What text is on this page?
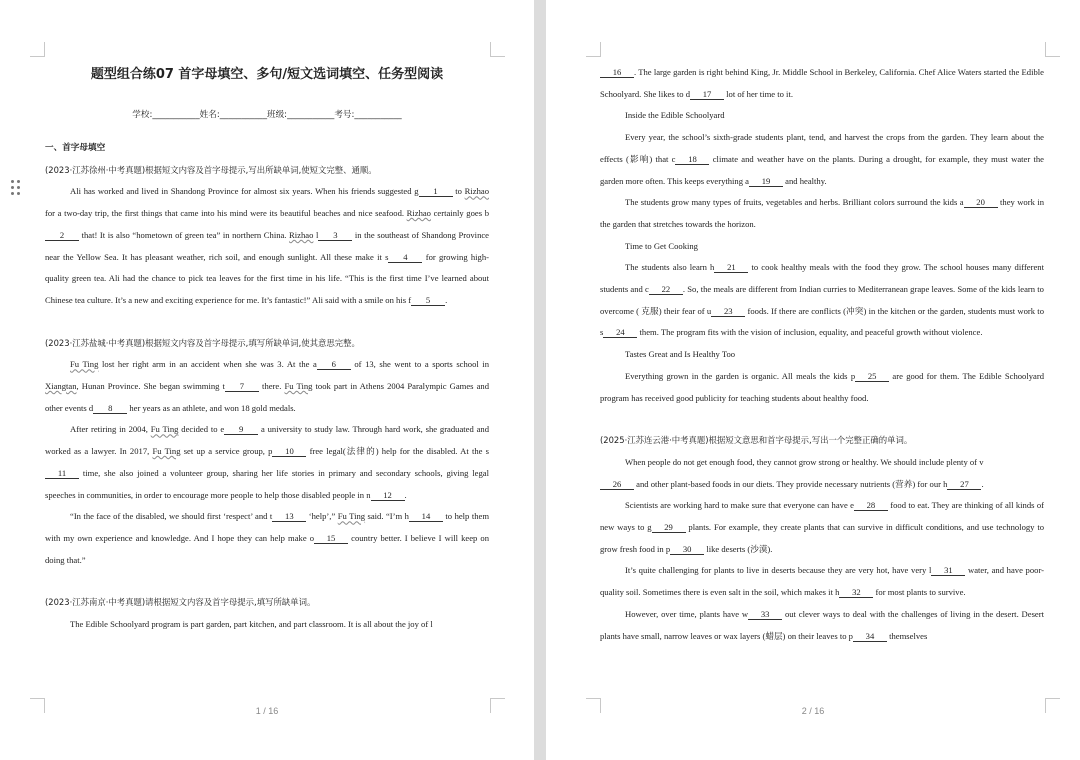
题型组合练07 首字母填空、多句/短文选词填空、任务型阅读
学校:___________姓名:___________班级:___________考号:___________

一、首字母填空

(2023·江苏徐州·中考真题)根据短文内容及首字母提示,写出所缺单词,使短文完整、通顺。

Ali has worked and lived in Shandong Province for almost six years. When his friends suggested g 1 to Rizhao for a two-day trip, the first things that came into his mind were its beautiful beaches and nice seafood. Rizhao certainly goes b2 that! It is also “hometown of green tea” in northern China. Rizhao l 3 in the southeast of Shandong Province near the Yellow Sea. It has pleasant weather, rich soil, and enough sunlight. All these make it s 4 for growing high-quality green tea. Ali had the chance to pick tea leaves for the first time in his life. “This is the first time I’ve learned about Chinese tea culture. It’s a new and exciting experience for me. It’s fantastic!” Ali said with a smile on his f 5 .

(2023·江苏盐城·中考真题)根据短文内容及首字母提示,填写所缺单词,使其意思完整。

Fu Ting lost her right arm in an accident when she was 3. At the a 6 of 13, she went to a sports school in Xiangtan, Hunan Province. She began swimming t 7 there. Fu Ting took part in Athens 2004 Paralympic Games and other events d 8 her years as an athlete, and won 18 gold medals.

After retiring in 2004, Fu Ting decided to e 9 a university to study law. Through hard work, she graduated and worked as a lawyer. In 2017, Fu Ting set up a service group, p 10 free legal(法律的) help for the disabled. At the s11 time, she also joined a volunteer group, sharing her life stories in primary and secondary schools, giving legal speeches in communities, in order to encourage more people to help those disabled people in n 12 .

“In the face of the disabled, we should first ‘respect’ and t 13 ‘help’,” Fu Ting said. “I’m h 14 to help them with my own experience and knowledge. And I hope they can help make o 15 country better. I believe I will keep on doing that.”

(2023·江苏南京·中考真题)请根据短文内容及首字母提示,填写所缺单词。

The Edible Schoolyard program is part garden, part kitchen, and part classroom. It is all about the joy of l

1 / 16

16 . The large garden is right behind King, Jr. Middle School in Berkeley, California. Chef Alice Waters started the Edible Schoolyard. She likes to d 17 lot of her time to it.

Inside the Edible Schoolyard

Every year, the school’s sixth-grade students plant, tend, and harvest the crops from the garden. They learn about the effects (影响) that c 18 climate and weather have on the plants. During a drought, for example, they must water the garden more often. This keeps everything a 19 and healthy.

The students grow many types of fruits, vegetables and herbs. Brilliant colors surround the kids a 20 they work in the garden that stretches towards the horizon.

Time to Get Cooking

The students also learn h 21 to cook healthy meals with the food they grow. The school houses many different students and c 22 . So, the meals are different from Indian curries to Mediterranean grape leaves. Some of the kids learn to overcome ( 克服) their fear of u 23 foods. If there are conflicts (冲突) in the kitchen or the garden, students must work to s 24 them. The program fits with the vision of inclusion, equality, and peaceful growth without violence.

Tastes Great and Is Healthy Too

Everything grown in the garden is organic. All meals the kids p 25 are good for them. The Edible Schoolyard program has received good publicity for teaching students about healthy food.

(2025·江苏连云港·中考真题)根据短文意思和首字母提示,写出一个完整正确的单词。

When people do not get enough food, they cannot grow strong or healthy. We should include plenty of v

26 and other plant-based foods in our diets. They provide necessary nutrients (营养) for our h 27 .

Scientists are working hard to make sure that everyone can have e 28 food to eat. They are thinking of all kinds of new ways to g 29 plants. For example, they create plants that can survive in difficult conditions, and use technology to grow fresh food in p 30 like deserts (沙漠).

It’s quite challenging for plants to live in deserts because they are very hot, have very l 31 water, and have poor-quality soil. Sometimes there is even salt in the soil, which makes it h 32 for most plants to survive.

However, over time, plants have w 33 out clever ways to deal with the challenges of living in the desert. Desert plants have small, narrow leaves or wax layers (蜡层) on their leaves to p 34 themselves

2 / 16
